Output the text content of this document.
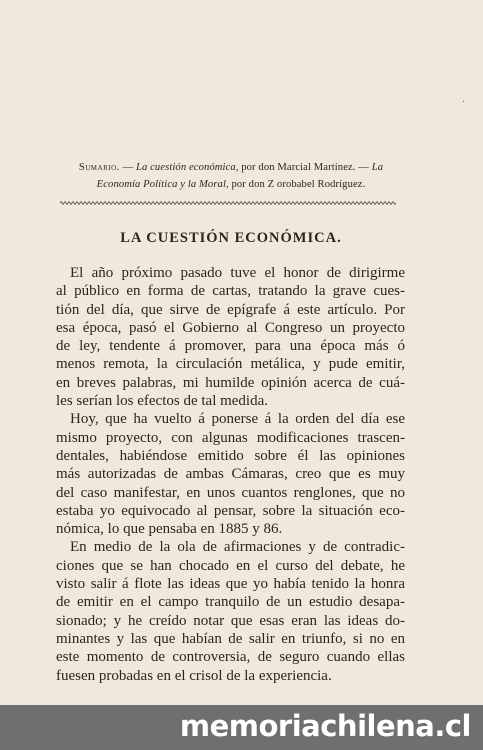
·
Sumario. — La cuestión económica, por don Marcial Martínez. — La
Economía Política y la Moral, por don Z orobabel Rodríguez.
LA CUESTIÓN ECONÓMICA.

El año próximo pasado tuve el honor de dirigirme
al público en forma de cartas, tratando la grave cues-
tión del día, que sirve de epígrafe á este artículo. Por
esa época, pasó el Gobierno al Congreso un proyecto
de ley, tendente á promover, para una época más ó
menos remota, la circulación metálica, y pude emitir,
en breves palabras, mi humilde opinión acerca de cuá-
les serían los efectos de tal medida.

Hoy, que ha vuelto á ponerse á la orden del día ese
mismo proyecto, con algunas modificaciones trascen-
dentales, habiéndose emitido sobre él las opiniones
más autorizadas de ambas Cámaras, creo que es muy
del caso manifestar, en unos cuantos renglones, que no
estaba yo equivocado al pensar, sobre la situación eco-
nómica, lo que pensaba en 1885 y 86.

En medio de la ola de afirmaciones y de contradic-
ciones que se han chocado en el curso del debate, he
visto salir á flote las ideas que yo había tenido la honra
de emitir en el campo tranquilo de un estudio desapa-
sionado; y he creído notar que esas eran las ideas do-
minantes y las que habían de salir en triunfo, si no en
este momento de controversia, de seguro cuando ellas
fuesen probadas en el crisol de la experiencia.

memoriachilena.cl
